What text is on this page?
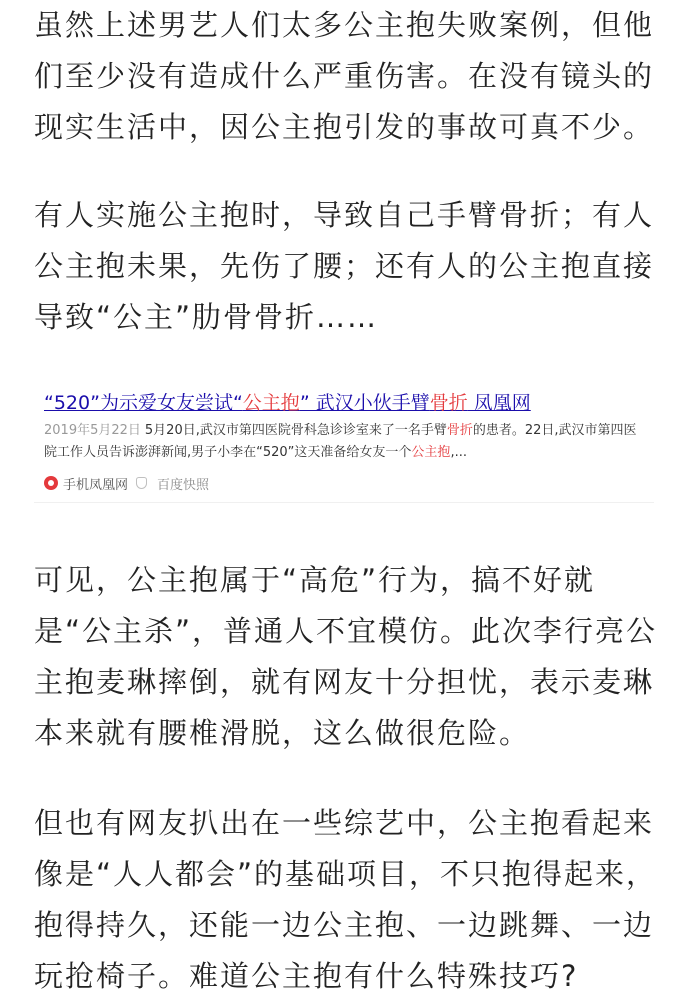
虽然上述男艺人们太多公主抱失败案例，但他们至少没有造成什么严重伤害。在没有镜头的现实生活中，因公主抱引发的事故可真不少。

有人实施公主抱时，导致自己手臂骨折；有人公主抱未果，先伤了腰；还有人的公主抱直接导致“公主”肋骨骨折……

“520”为示爱女友尝试“公主抱” 武汉小伙手臂骨折 凤凰网
2019年5月22日 5月20日,武汉市第四医院骨科急诊诊室来了一名手臂骨折的患者。22日,武汉市第四医院工作人员告诉澎湃新闻,男子小李在“520”这天准备给女友一个公主抱,...
手机凤凰网 百度快照

可见，公主抱属于“高危”行为，搞不好就是“公主杀”，普通人不宜模仿。此次李行亮公主抱麦琳摔倒，就有网友十分担忧，表示麦琳本来就有腰椎滑脱，这么做很危险。

但也有网友扒出在一些综艺中，公主抱看起来像是“人人都会”的基础项目，不只抱得起来，抱得持久，还能一边公主抱、一边跳舞、一边玩抢椅子。难道公主抱有什么特殊技巧?
